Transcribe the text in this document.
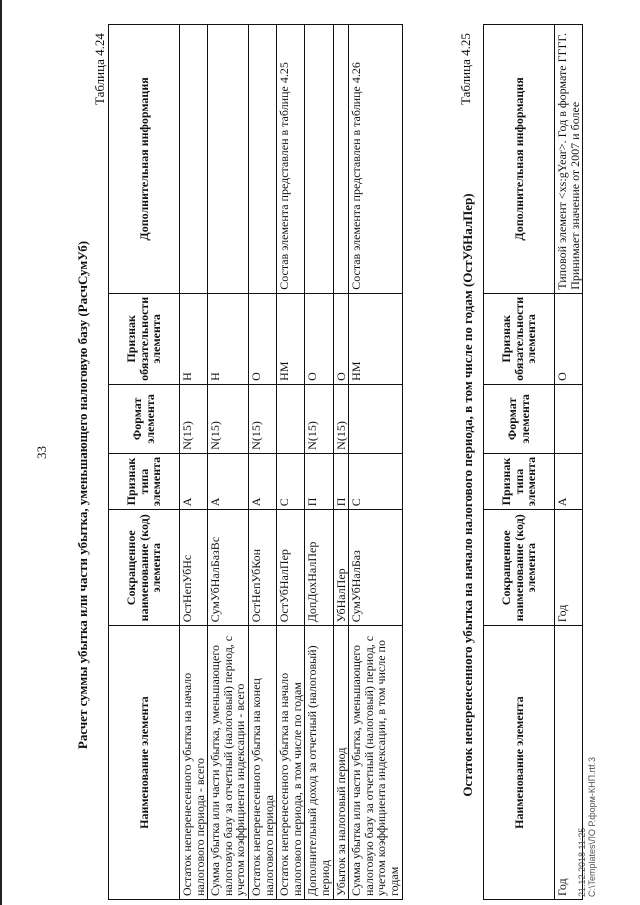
33 Расчет суммы убытка или части убытка, уменьшающего налоговую базу (РасчСумУб)
Таблица 4.24
Наименование элемента	Сокращенное наименование (код) элемента	Признак типа элемента	Формат элемента	Признак обязательности элемента	Дополнительная информация
Остаток неперенесенного убытка на начало налогового периода - всего	ОстНепУбНс	А	N(15)	Н	
Сумма убытка или части убытка, уменьшающего налоговую базу за отчетный (налоговый) период, с учетом коэффициента индексации - всего	СумУбНалБазВс	А	N(15)	Н	
Остаток неперенесенного убытка на конец налогового периода	ОстНепУбКон	А	N(15)	О	
Остаток неперенесенного убытка на начало налогового периода, в том числе по годам	ОстУбНалПер	С		НМ	Состав элемента представлен в таблице 4.25
Дополнительный доход за отчетный (налоговый) период	ДопДохНалПер	П	N(15)	О	
Убыток за налоговый период	УбНалПер	П	N(15)	О	
Сумма убытка или части убытка, уменьшающего налоговую базу за отчетный (налоговый) период, с учетом коэффициента индексации, в том числе по годам	СумУбНалБаз	С		НМ	Состав элемента представлен в таблице 4.26
Остаток неперенесенного убытка на начало налогового периода, в том числе по годам (ОстУбНалПер)
Таблица 4.25
Наименование элемента	Сокращенное наименование (код) элемента	Признак типа элемента	Формат элемента	Признак обязательности элемента	Дополнительная информация
Год	Год	А		О	Типовой элемент <xs:gYear>. Год в формате ГГГГ. Принимает значение от 2007 и более
21.12.2018 11:25 C:\Templates\ЛО Р.форм-КНП.rtf.3
